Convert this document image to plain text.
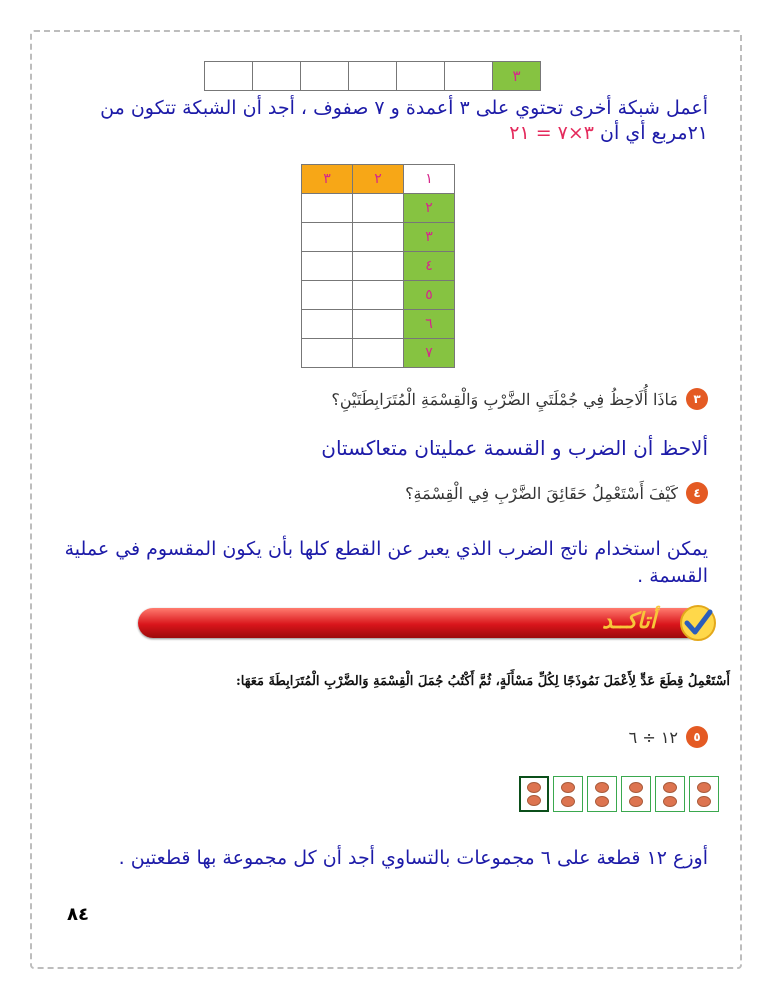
٣
أعمل شبكة أخرى تحتوي على ٣ أعمدة و ٧ صفوف ، أجد أن الشبكة تتكون من
٢١مربع أي أن ٣×٧ = ٢١
٣	٢	١
		٢
		٣
		٤
		٥
		٦
		٧
٣
مَاذَا أُلَاحِظُ فِي جُمْلَتَيِ الضَّرْبِ وَالْقِسْمَةِ الْمُتَرَابِطَتَيْنِ؟
ألاحظ أن الضرب و القسمة عمليتان متعاكستان
٤
كَيْفَ أَسْتَعْمِلُ حَقَائِقَ الضَّرْبِ فِي الْقِسْمَةِ؟
يمكن استخدام ناتج الضرب الذي يعبر عن القطع كلها بأن يكون المقسوم في عملية
القسمة .
أتاكــد
أَسْتَعْمِلُ قِطَعَ عَدٍّ لِأَعْمَلَ نَمُوذَجًا لِكُلِّ مَسْأَلَةٍ، ثُمَّ أَكْتُبُ جُمَلَ الْقِسْمَةِ وَالضَّرْبِ الْمُتَرَابِطَةَ مَعَهَا:
٥
١٢ ÷ ٦
أوزع ١٢ قطعة على ٦ مجموعات بالتساوي أجد أن كل مجموعة بها قطعتين .
٨٤
